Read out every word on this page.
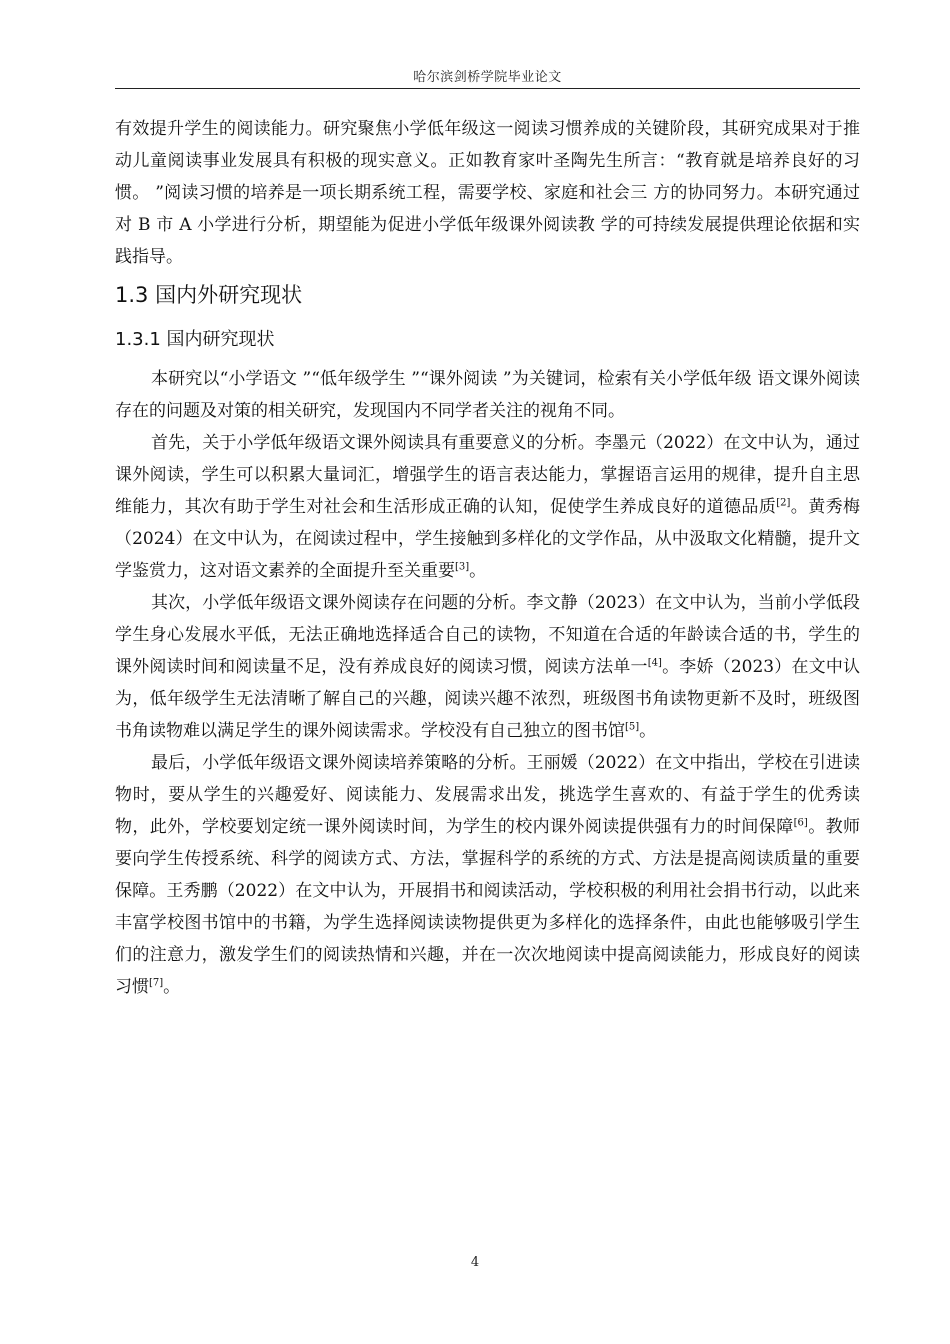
哈尔滨剑桥学院毕业论文

有效提升学生的阅读能力。研究聚焦小学低年级这一阅读习惯养成的关键阶段，其研究成果对于推动儿童阅读事业发展具有积极的现实意义。正如教育家叶圣陶先生所言：“教育就是培养良好的习惯。 ”阅读习惯的培养是一项长期系统工程，需要学校、家庭和社会三 方的协同努力。本研究通过对 B 市 A 小学进行分析，期望能为促进小学低年级课外阅读教 学的可持续发展提供理论依据和实践指导。

1.3 国内外研究现状
1.3.1 国内研究现状

本研究以“小学语文 ”“低年级学生 ”“课外阅读 ”为关键词，检索有关小学低年级 语文课外阅读存在的问题及对策的相关研究，发现国内不同学者关注的视角不同。

首先，关于小学低年级语文课外阅读具有重要意义的分析。李墨元（2022）在文中认为，通过课外阅读，学生可以积累大量词汇，增强学生的语言表达能力，掌握语言运用的规律，提升自主思维能力，其次有助于学生对社会和生活形成正确的认知，促使学生养成良好的道德品质[2]。黄秀梅（2024）在文中认为，在阅读过程中，学生接触到多样化的文学作品，从中汲取文化精髓，提升文学鉴赏力，这对语文素养的全面提升至关重要[3]。

其次，小学低年级语文课外阅读存在问题的分析。李文静（2023）在文中认为，当前小学低段学生身心发展水平低，无法正确地选择适合自己的读物，不知道在合适的年龄读合适的书，学生的课外阅读时间和阅读量不足，没有养成良好的阅读习惯，阅读方法单一[4]。李娇（2023）在文中认为，低年级学生无法清晰了解自己的兴趣，阅读兴趣不浓烈，班级图书角读物更新不及时，班级图书角读物难以满足学生的课外阅读需求。学校没有自己独立的图书馆[5]。

最后，小学低年级语文课外阅读培养策略的分析。王丽媛（2022）在文中指出，学校在引进读物时，要从学生的兴趣爱好、阅读能力、发展需求出发，挑选学生喜欢的、有益于学生的优秀读物，此外，学校要划定统一课外阅读时间，为学生的校内课外阅读提供强有力的时间保障[6]。教师要向学生传授系统、科学的阅读方式、方法，掌握科学的系统的方式、方法是提高阅读质量的重要保障。王秀鹏（2022）在文中认为，开展捐书和阅读活动，学校积极的利用社会捐书行动，以此来丰富学校图书馆中的书籍，为学生选择阅读读物提供更为多样化的选择条件，由此也能够吸引学生们的注意力，激发学生们的阅读热情和兴趣，并在一次次地阅读中提高阅读能力，形成良好的阅读习惯[7]。

4
